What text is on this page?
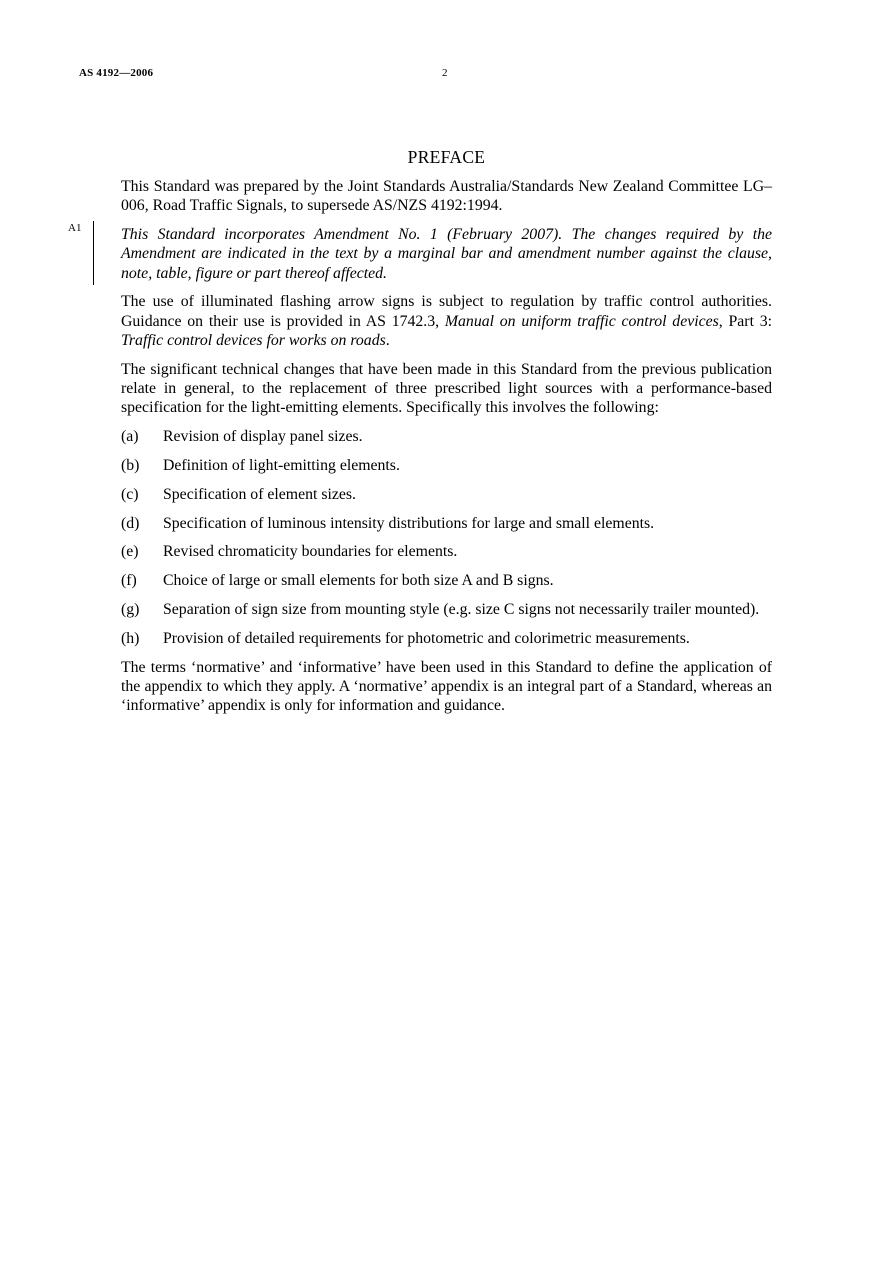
AS 4192—2006	2
PREFACE
A1

This Standard was prepared by the Joint Standards Australia/Standards New Zealand Committee LG–006, Road Traffic Signals, to supersede AS/NZS 4192:1994.

This Standard incorporates Amendment No. 1 (February 2007). The changes required by the Amendment are indicated in the text by a marginal bar and amendment number against the clause, note, table, figure or part thereof affected.

The use of illuminated flashing arrow signs is subject to regulation by traffic control authorities. Guidance on their use is provided in AS 1742.3, Manual on uniform traffic control devices, Part 3: Traffic control devices for works on roads.

The significant technical changes that have been made in this Standard from the previous publication relate in general, to the replacement of three prescribed light sources with a performance-based specification for the light-emitting elements. Specifically this involves the following:

(a)	Revision of display panel sizes.
(b)	Definition of light-emitting elements.
(c)	Specification of element sizes.
(d)	Specification of luminous intensity distributions for large and small elements.
(e)	Revised chromaticity boundaries for elements.
(f)	Choice of large or small elements for both size A and B signs.
(g)	Separation of sign size from mounting style (e.g. size C signs not necessarily trailer mounted).
(h)	Provision of detailed requirements for photometric and colorimetric measurements.

The terms ‘normative’ and ‘informative’ have been used in this Standard to define the application of the appendix to which they apply. A ‘normative’ appendix is an integral part of a Standard, whereas an ‘informative’ appendix is only for information and guidance.
